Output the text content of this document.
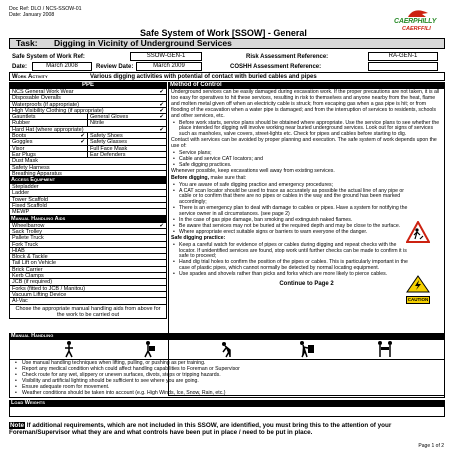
Doc Ref: DLO / NCS-SSOW-01
Date: January 2008
CAERPHILLY
CAERFFILI
Safe System of Work [SSOW] - General
Task: Digging in Vicinity of Underground Services
Safe System of Work Ref:	SSOW-GEN-1	Risk Assessment Reference:	RA-GEN-1
Date:	March 2008	Review Date:	March 2009	COSHH Assessment Reference:
Work Activity	Various digging activities with potential of contact with buried cables and pipes
PPE
NCS General Work Wear	✔
Disposable Overalls
Waterproofs (if appropriate)	✔
High Visibility Clothing (if appropriate)	✔
Gauntlets	General Gloves	✔
Rubber	Nitrile
Hard Hat (where appropriate)	✔
Boots	✔ Safety Shoes
Goggles	✔ Safety Glasses
Visor	Full Face Mask
Ear Plugs	Ear Defenders
Dust Mask
Safety Harness
Breathing Apparatus
Access Equipment
Stepladder
Ladder
Tower Scaffold
Fixed Scaffold
MEWP
Manual Handling Aids
Wheelbarrow	✔
Sack Trolley
Pallete Truck
Fork Truck
HIAB
Block & Tackle
Tail Lift on Vehicle
Brick Carrier
Kerb Clamps
JCB (if required)
Forks (fitted to JCB / Manitou)
Vacuum Lifting Device
Al-Vac
Chose the appropriate manual handling aids from above for the work to be carried out
Method of Control

Underground services can be easily damaged during excavation work. If the proper precautions are not taken, it is all too easy for operatives to hit these services, resulting in risk to themselves and anyone nearby from the heat, flame and molten metal given off when an electricity cable is struck; from escaping gas when a gas pipe is hit; or from flooding of the excavation when a water pipe is damaged; and from the interruption of services to residents, schools and other services, etc.

• Before work starts, service plans should be obtained where appropriate. Use the service plans to see whether the place intended for digging will involve working near buried underground services. Look out for signs of services such as manholes, valve covers, street-lights etc. Check for pipes and cables before starting to dig.

Contact with services can be avoided by proper planning and execution. The safe system of work depends upon the use of:

• Service plans;
• Cable and service CAT locators; and
• Safe digging practices.

Whenever possible, keep excavations well away from existing services.

Before digging, make sure that:

• You are aware of safe digging practice and emergency procedures;
• A CAT scan locator should be used to trace as accurately as possible the actual line of any pipe or cable or to confirm that there are no pipes or cables in the way and the ground has been marked accordingly;
• There is an emergency plan to deal with damage to cables or pipes. Have a system for notifying the service owner in all circumstances. (see page 2)
• In the case of gas pipe damage, ban smoking and extinguish naked flames.
• Be aware that services may not be buried at the required depth and may be close to the surface.
• Where appropriate erect suitable signs or barriers to warn everyone of the danger.

Safe digging practice:

• Keep a careful watch for evidence of pipes or cables during digging and repeat checks with the locator. If unidentified services are found, stop work until further checks can be made to confirm it is safe to proceed;
• Hand dig trial holes to confirm the position of the pipes or cables. This is particularly important in the case of plastic pipes, which cannot normally be detected by normal locating equipment.
• Use spades and shovels rather than picks and forks which are more likely to pierce cables.
Continue to Page 2
CAUTION
Manual Handling
• Use manual handling techniques when lifting, pulling, or pushing as per training.
• Report any medical condition which could affect handling capabilities to Foreman or Supervisor
• Check route for any wet, slippery or uneven surfaces, divots, steps or tripping hazards.
• Visibility and artificial lighting should be sufficient to see where you are going.
• Ensure adequate room for movement.
• Weather conditions should be taken into account (e.g. High Winds, Ice, Snow, Rain, etc.)
Load Weights
Note If additional requirements, which are not included in this SSOW, are identified, you must bring this to the attention of your Foreman/Supervisor what they are and what controls have been put in place / need to be put in place.
Page 1 of 2
